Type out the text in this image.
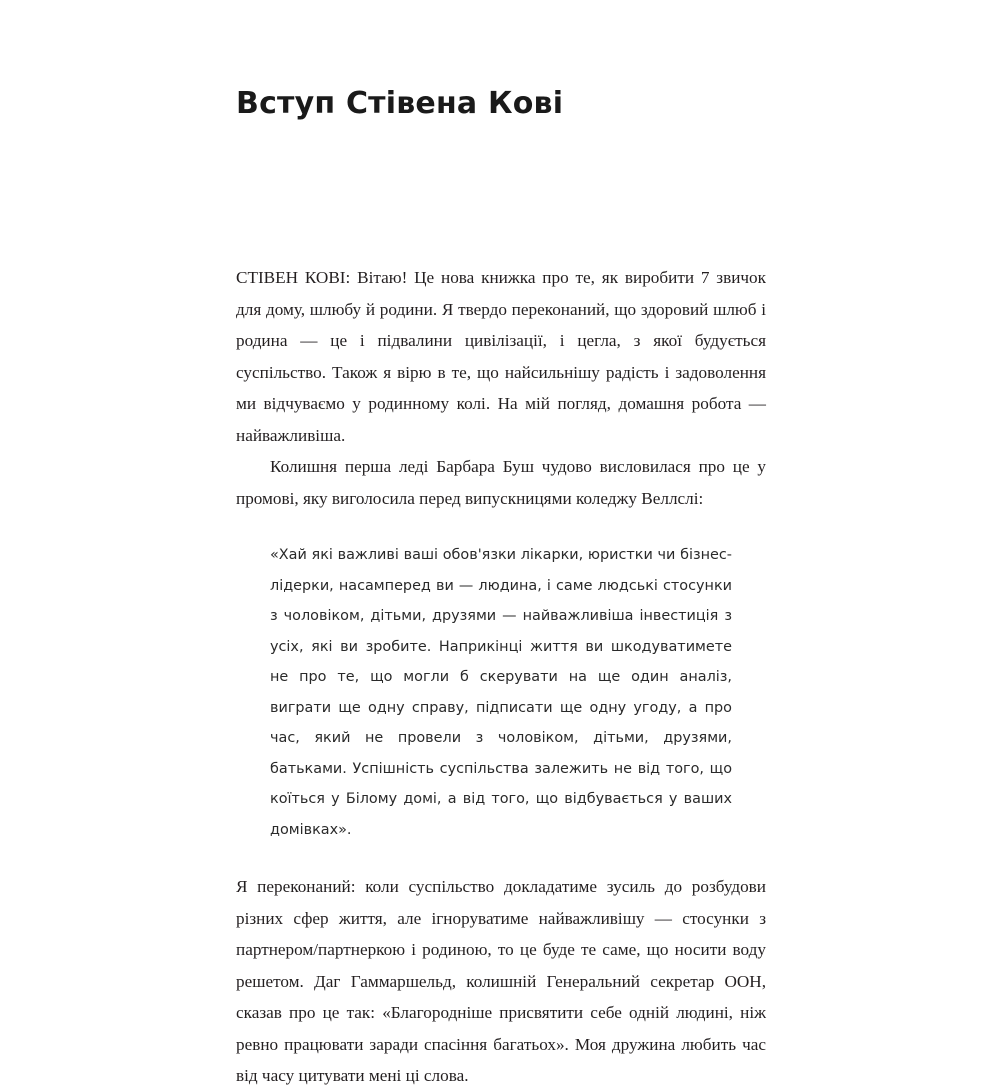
Вступ Стівена Кові

СТІВЕН КОВІ: Вітаю! Це нова книжка про те, як виробити 7 звичок для дому, шлюбу й родини. Я твердо переконаний, що здоровий шлюб і родина — це і підвалини цивілізації, і цегла, з якої будується суспільство. Також я вірю в те, що найсильнішу радість і задоволення ми відчуваємо у родинному колі. На мій погляд, домашня робота — найважливіша.

Колишня перша леді Барбара Буш чудово висловилася про це у промові, яку виголосила перед випускницями коледжу Веллслі:

«Хай які важливі ваші обов'язки лікарки, юристки чи бізнес-лідерки, насамперед ви — людина, і саме людські стосунки з чоловіком, дітьми, друзями — найважливіша інвестиція з усіх, які ви зробите. Наприкінці життя ви шкодуватимете не про те, що могли б скерувати на ще один аналіз, виграти ще одну справу, підписати ще одну угоду, а про час, який не провели з чоловіком, дітьми, друзями, батьками. Успішність суспільства залежить не від того, що коїться у Білому домі, а від того, що відбувається у ваших домівках».

Я переконаний: коли суспільство докладатиме зусиль до розбудови різних сфер життя, але ігноруватиме найважливішу — стосунки з партнером/партнеркою і родиною, то це буде те саме, що носити воду решетом. Даг Гаммаршельд, колишній Генеральний секретар ООН, сказав про це так: «Благородніше присвятити себе одній людині, ніж ревно працювати заради спасіння багатьох». Моя дружина любить час від часу цитувати мені ці слова.
